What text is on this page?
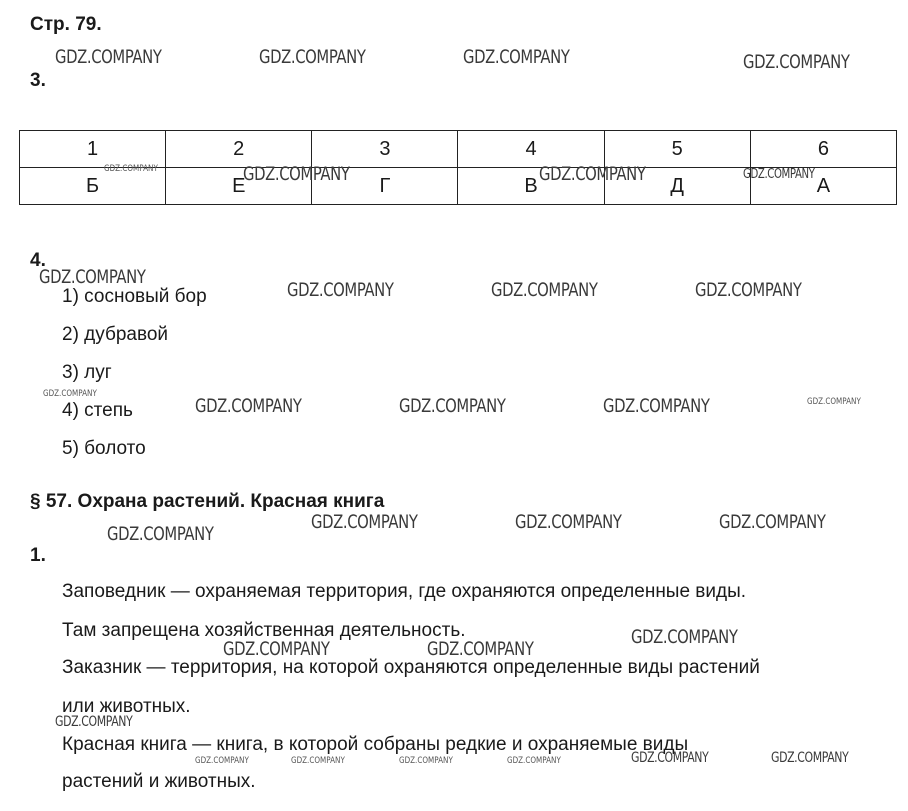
Стр. 79.
3.
1	2	3	4	5	6
Б	Е	Г	В	Д	А
4.
1) сосновый бор
2) дубравой
3) луг
4) степь
5) болото
§ 57. Охрана растений. Красная книга
1.
Заповедник — охраняемая территория, где охраняются определенные виды.
Там запрещена хозяйственная деятельность.
Заказник — территория, на которой охраняются определенные виды растений
или животных.
Красная книга — книга, в которой собраны редкие и охраняемые виды
растений и животных.
GDZ.COMPANY	GDZ.COMPANY	GDZ.COMPANY	GDZ.COMPANY
GDZ.COMPANY	GDZ.COMPANY
GDZ.COMPANY
GDZ.COMPANY	GDZ.COMPANY	GDZ.COMPANY
GDZ.COMPANY	GDZ.COMPANY	GDZ.COMPANY
GDZ.COMPANY	GDZ.COMPANY	GDZ.COMPANY
GDZ.COMPANY
GDZ.COMPANY
GDZ.COMPANY	GDZ.COMPANY
GDZ.COMPANY
GDZ.COMPANY
GDZ.COMPANY
GDZ.COMPANY
GDZ.COMPANY
GDZ.COMPANY	GDZ.COMPANY	GDZ.COMPANY	GDZ.COMPANY	GDZ.COMPANY	GDZ.COMPANY
